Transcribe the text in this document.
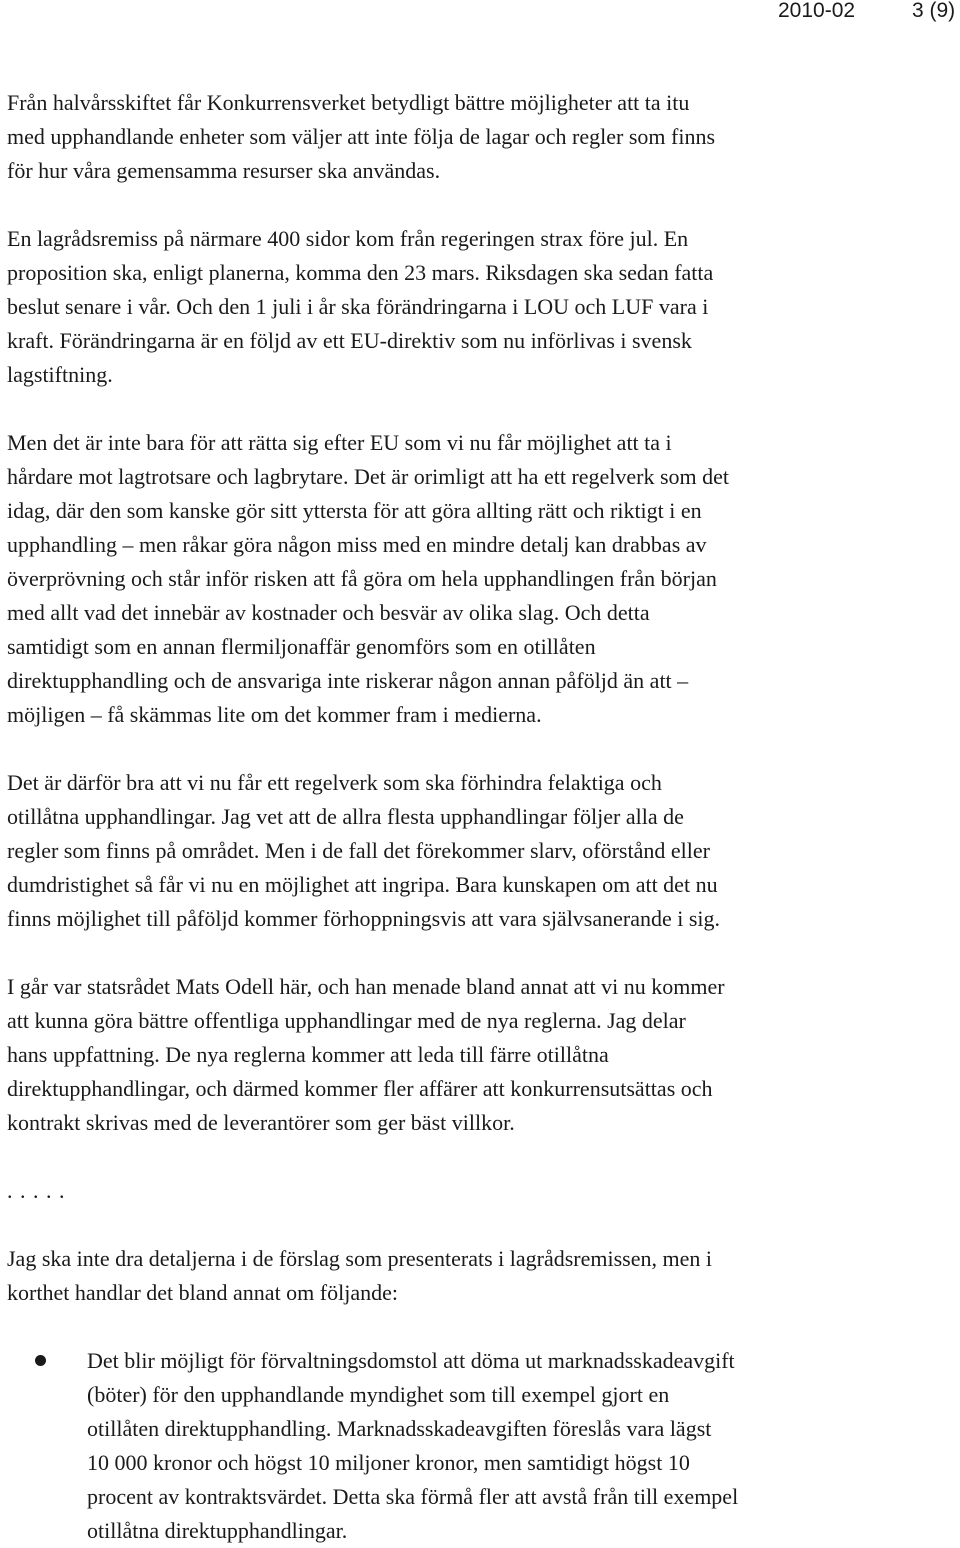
2010-02	3 (9)

Från halvårsskiftet får Konkurrensverket betydligt bättre möjligheter att ta itu
med upphandlande enheter som väljer att inte följa de lagar och regler som finns
för hur våra gemensamma resurser ska användas.

En lagrådsremiss på närmare 400 sidor kom från regeringen strax före jul. En
proposition ska, enligt planerna, komma den 23 mars. Riksdagen ska sedan fatta
beslut senare i vår. Och den 1 juli i år ska förändringarna i LOU och LUF vara i
kraft. Förändringarna är en följd av ett EU-direktiv som nu införlivas i svensk
lagstiftning.

Men det är inte bara för att rätta sig efter EU som vi nu får möjlighet att ta i
hårdare mot lagtrotsare och lagbrytare. Det är orimligt att ha ett regelverk som det
idag, där den som kanske gör sitt yttersta för att göra allting rätt och riktigt i en
upphandling – men råkar göra någon miss med en mindre detalj kan drabbas av
överprövning och står inför risken att få göra om hela upphandlingen från början
med allt vad det innebär av kostnader och besvär av olika slag. Och detta
samtidigt som en annan flermiljonaffär genomförs som en otillåten
direktupphandling och de ansvariga inte riskerar någon annan påföljd än att –
möjligen – få skämmas lite om det kommer fram i medierna.

Det är därför bra att vi nu får ett regelverk som ska förhindra felaktiga och
otillåtna upphandlingar. Jag vet att de allra flesta upphandlingar följer alla de
regler som finns på området. Men i de fall det förekommer slarv, oförstånd eller
dumdristighet så får vi nu en möjlighet att ingripa. Bara kunskapen om att det nu
finns möjlighet till påföljd kommer förhoppningsvis att vara självsanerande i sig.

I går var statsrådet Mats Odell här, och han menade bland annat att vi nu kommer
att kunna göra bättre offentliga upphandlingar med de nya reglerna. Jag delar
hans uppfattning. De nya reglerna kommer att leda till färre otillåtna
direktupphandlingar, och därmed kommer fler affärer att konkurrensutsättas och
kontrakt skrivas med de leverantörer som ger bäst villkor.

. . . . .

Jag ska inte dra detaljerna i de förslag som presenterats i lagrådsremissen, men i
korthet handlar det bland annat om följande:

Det blir möjligt för förvaltningsdomstol att döma ut marknadsskadeavgift
(böter) för den upphandlande myndighet som till exempel gjort en
otillåten direktupphandling. Marknadsskadeavgiften föreslås vara lägst
10 000 kronor och högst 10 miljoner kronor, men samtidigt högst 10
procent av kontraktsvärdet. Detta ska förmå fler att avstå från till exempel
otillåtna direktupphandlingar.
